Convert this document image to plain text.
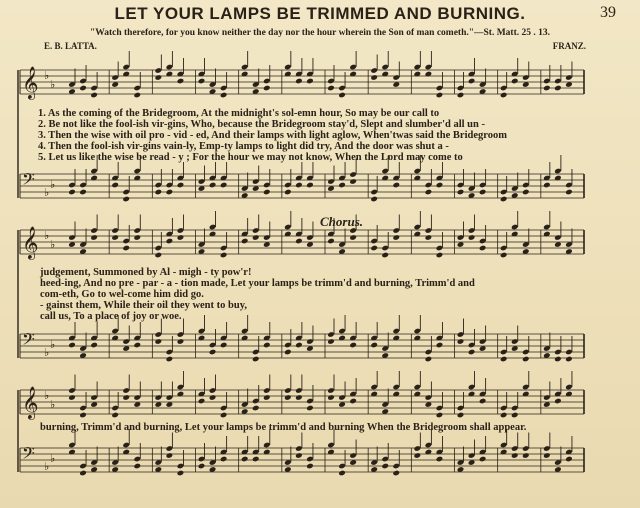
LET YOUR LAMPS BE TRIMMED AND BURNING.	39
"Watch therefore, for you know neither the day nor the hour wherein the Son of man cometh."—St. Matt. 25 . 13.
E. B. LATTA.	FRANZ.
𝄞 ♭
♭
𝄢 ♭
♭
𝄞 ♭
♭
𝄢 ♭
♭
𝄞 ♭
♭
𝄢 ♭
♭
1. As the coming of the Bridegroom, At the midnight's sol-emn hour, So may be our call to
2. Be not like the fool-ish vir-gins, Who, because the Bridegroom stay'd, Slept and slumber'd all un -
3. Then the wise with oil pro - vid - ed, And their lamps with light aglow, When'twas said the Bridegroom
4. Then the fool-ish vir-gins vain-ly, Emp-ty lamps to light did try, And the door was shut a -
5. Let us like the wise be read - y ; For the hour we may not know, When the Lord may come to
Chorus.
judgement, Summoned by Al - migh - ty pow'r!
heed-ing, And no pre - par - a - tion made, Let your lamps be trimm'd and burning, Trimm'd and
com-eth, Go to wel-come him did go.
- gainst them, While their oil they went to buy,
call us, To a place of joy or woe.
burning, Trimm'd and burning, Let your lamps be trimm'd and burning When the Bridegroom shall appear.
